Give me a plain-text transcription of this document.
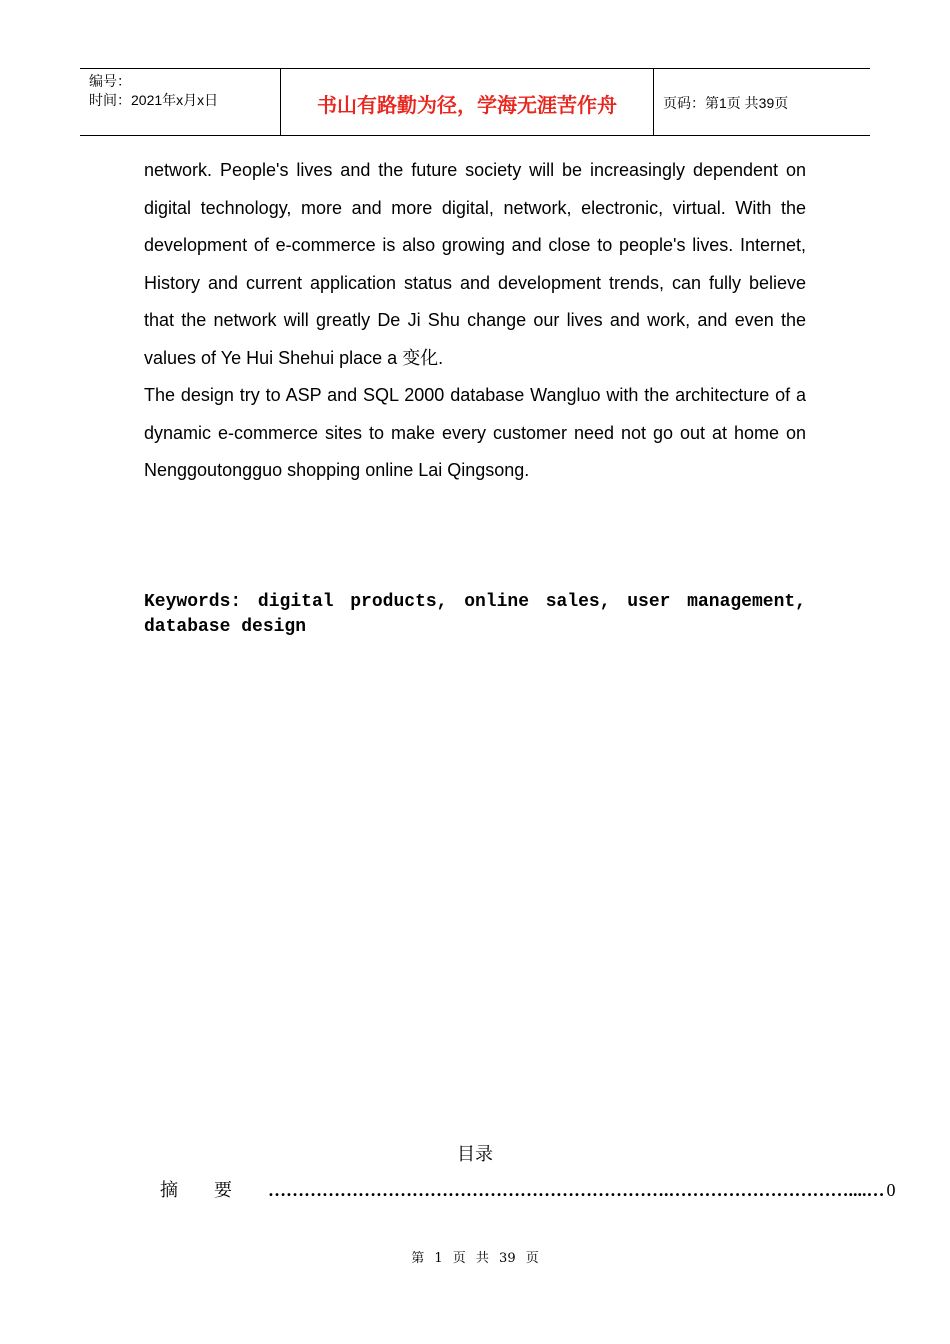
编号：
时间：2021年x月x日	书山有路勤为径，学海无涯苦作舟	页码：第1页 共39页

network. People's lives and the future society will be increasingly dependent on digital technology, more and more digital, network, electronic, virtual. With the development of e-commerce is also growing and close to people's lives. Internet, History and current application status and development trends, can fully believe that the network will greatly De Ji Shu change our lives and work, and even the values of Ye Hui Shehui place a 变化.

The design try to ASP and SQL 2000 database Wangluo with the architecture of a dynamic e-commerce sites to make every customer need not go out at home on Nenggoutongguo shopping online Lai Qingsong.

Keywords: digital products, online sales, user management, database design
目录
摘要 ………………………………………………………….…………………………....… 0
第 1 页 共 39 页
